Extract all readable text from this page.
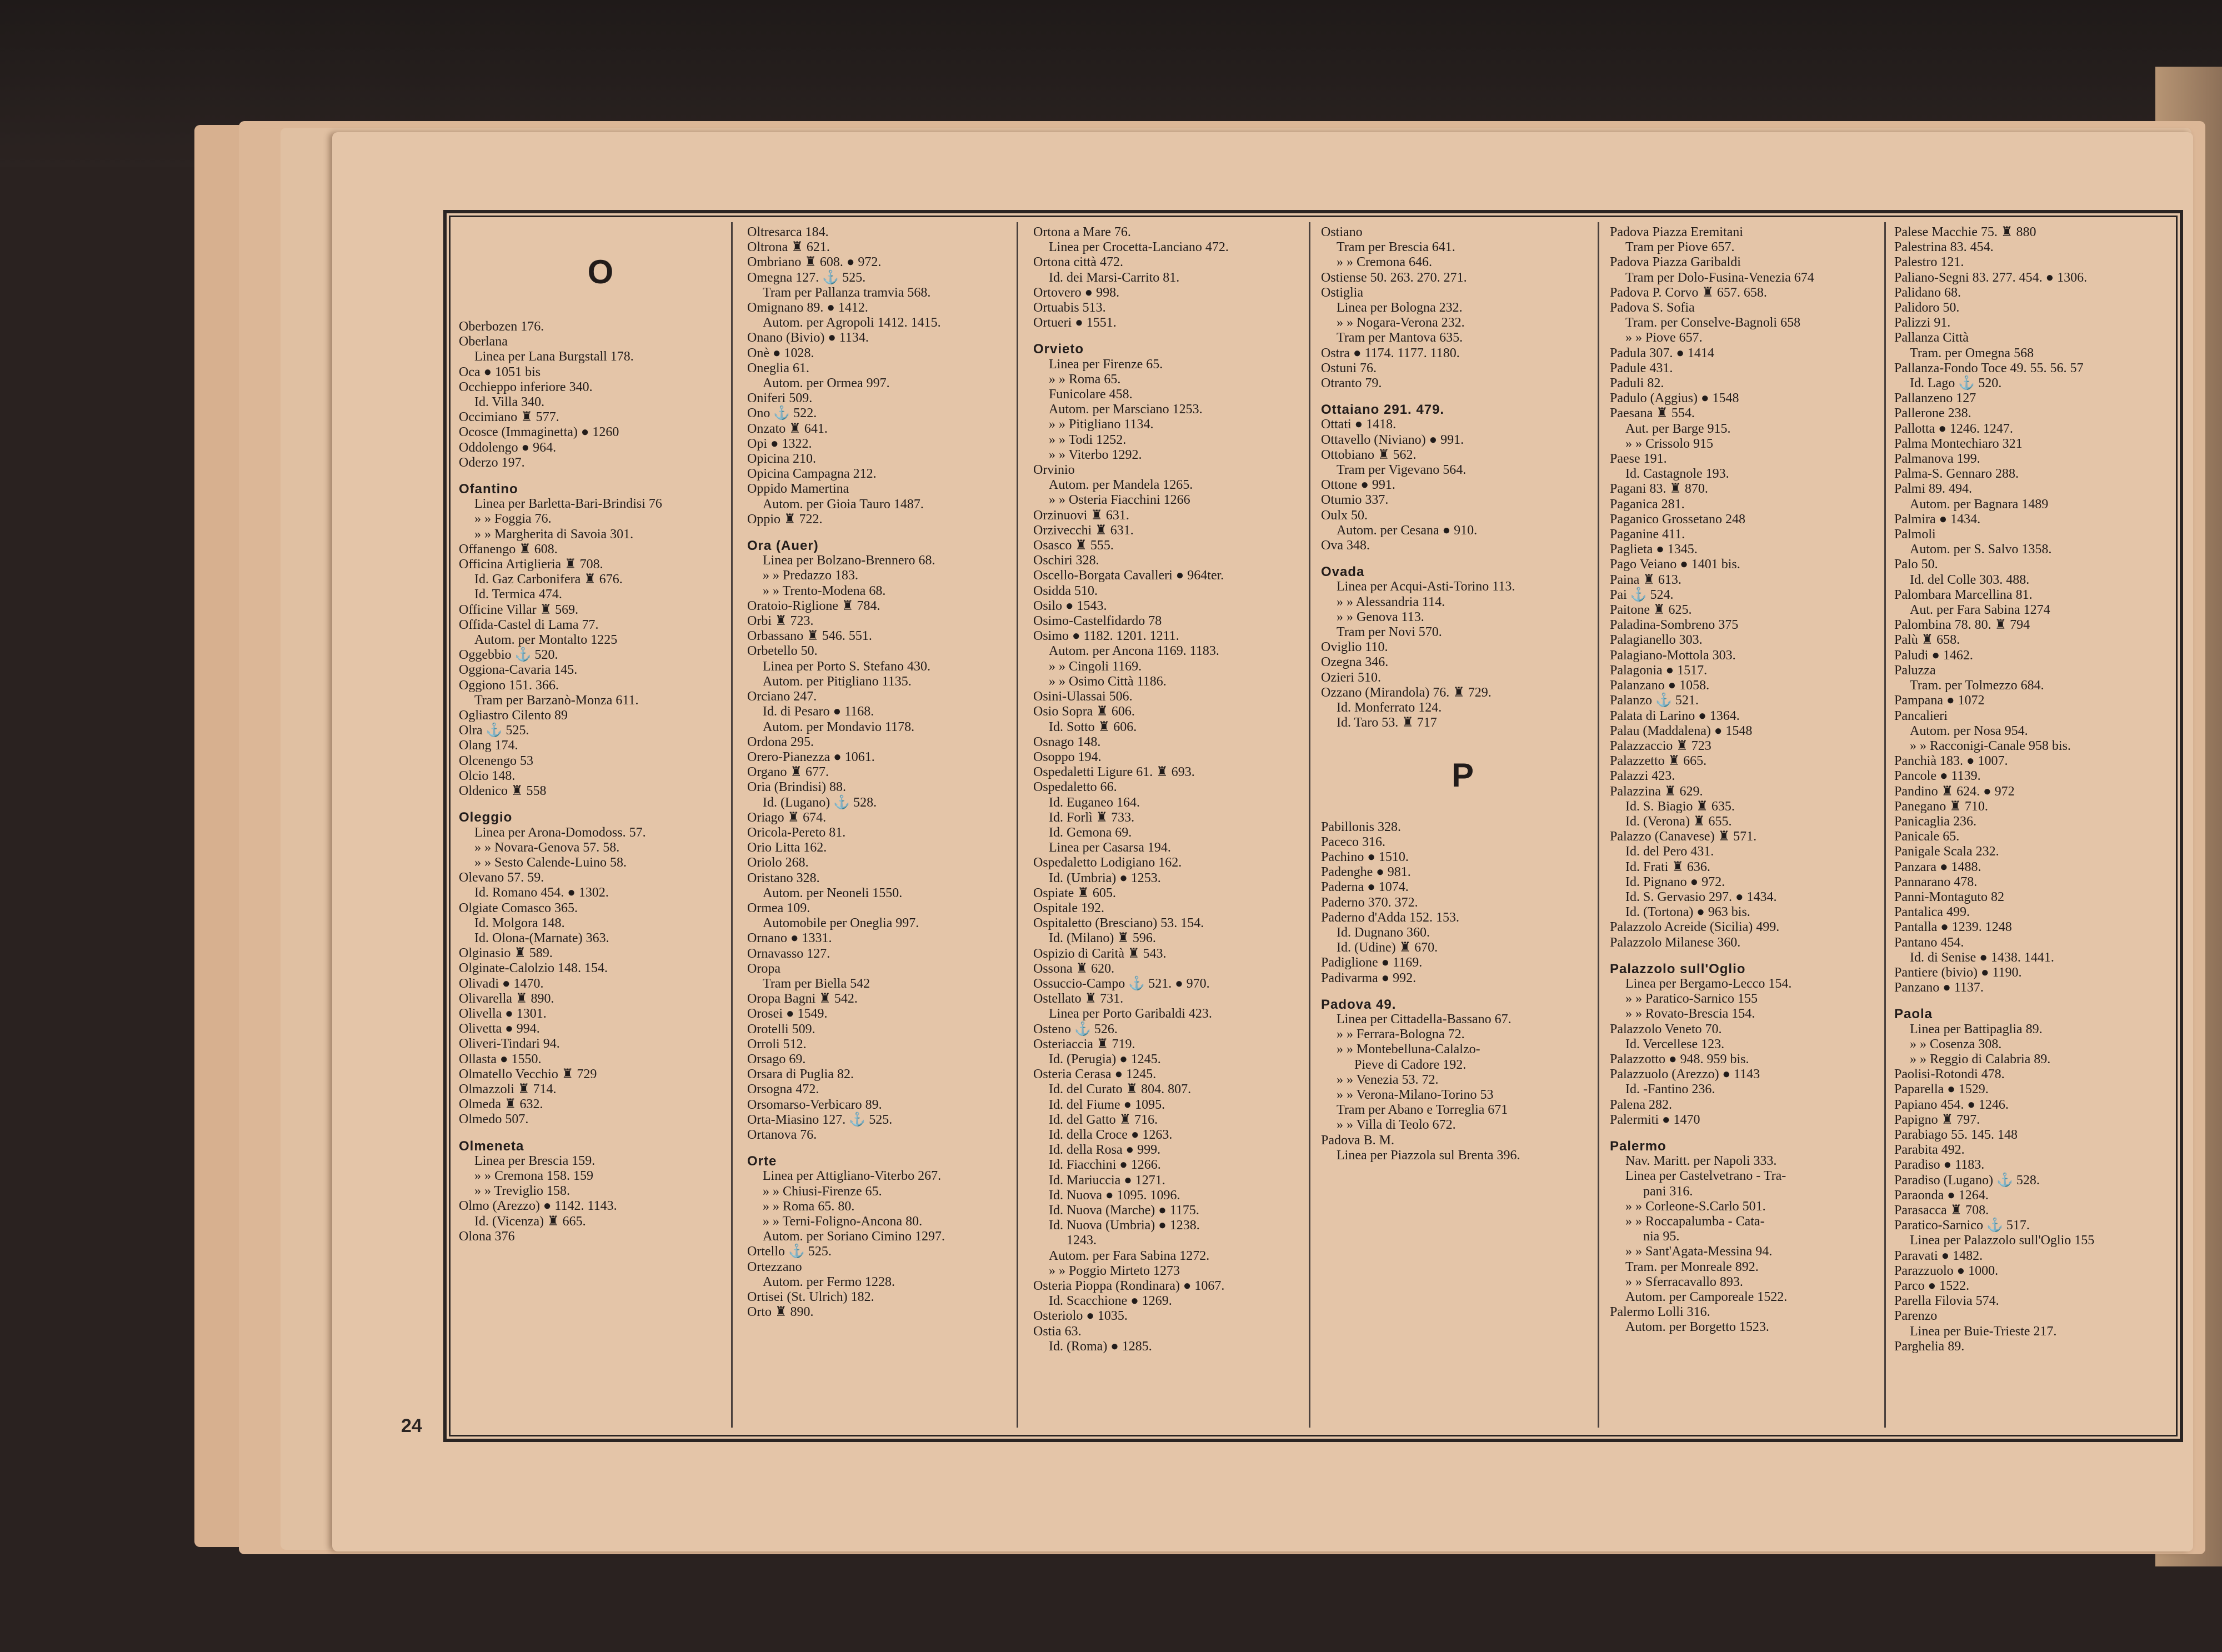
O
Oberbozen 176.
Oberlana
Linea per Lana Burgstall 178.
Oca ● 1051 bis
Occhieppo inferiore 340.
Id. Villa 340.
Occimiano ♜ 577.
Ocosce (Immaginetta) ● 1260
Oddolengo ● 964.
Oderzo 197.
Ofantino
Linea per Barletta-Bari-Brindisi 76
» » Foggia 76.
» » Margherita di Savoia 301.
Offanengo ♜ 608.
Officina Artiglieria ♜ 708.
Id. Gaz Carbonifera ♜ 676.
Id. Termica 474.
Officine Villar ♜ 569.
Offida-Castel di Lama 77.
Autom. per Montalto 1225
Oggebbio ⚓ 520.
Oggiona-Cavaria 145.
Oggiono 151. 366.
Tram per Barzanò-Monza 611.
Ogliastro Cilento 89
Olra ⚓ 525.
Olang 174.
Olcenengo 53
Olcio 148.
Oldenico ♜ 558
Oleggio
Linea per Arona-Domodoss. 57.
» » Novara-Genova 57. 58.
» » Sesto Calende-Luino 58.
Olevano 57. 59.
Id. Romano 454. ● 1302.
Olgiate Comasco 365.
Id. Molgora 148.
Id. Olona-(Marnate) 363.
Olginasio ♜ 589.
Olginate-Calolzio 148. 154.
Olivadi ● 1470.
Olivarella ♜ 890.
Olivella ● 1301.
Olivetta ● 994.
Oliveri-Tindari 94.
Ollasta ● 1550.
Olmatello Vecchio ♜ 729
Olmazzoli ♜ 714.
Olmeda ♜ 632.
Olmedo 507.
Olmeneta
Linea per Brescia 159.
» » Cremona 158. 159
» » Treviglio 158.
Olmo (Arezzo) ● 1142. 1143.
Id. (Vicenza) ♜ 665.
Olona 376
Oltresarca 184.
Oltrona ♜ 621.
Ombriano ♜ 608. ● 972.
Omegna 127. ⚓ 525.
Tram per Pallanza tramvia 568.
Omignano 89. ● 1412.
Autom. per Agropoli 1412. 1415.
Onano (Bivio) ● 1134.
Onè ● 1028.
Oneglia 61.
Autom. per Ormea 997.
Oniferi 509.
Ono ⚓ 522.
Onzato ♜ 641.
Opi ● 1322.
Opicina 210.
Opicina Campagna 212.
Oppido Mamertina
Autom. per Gioia Tauro 1487.
Oppio ♜ 722.
Ora (Auer)
Linea per Bolzano-Brennero 68.
» » Predazzo 183.
» » Trento-Modena 68.
Oratoio-Riglione ♜ 784.
Orbi ♜ 723.
Orbassano ♜ 546. 551.
Orbetello 50.
Linea per Porto S. Stefano 430.
Autom. per Pitigliano 1135.
Orciano 247.
Id. di Pesaro ● 1168.
Autom. per Mondavio 1178.
Ordona 295.
Orero-Pianezza ● 1061.
Organo ♜ 677.
Oria (Brindisi) 88.
Id. (Lugano) ⚓ 528.
Oriago ♜ 674.
Oricola-Pereto 81.
Orio Litta 162.
Oriolo 268.
Oristano 328.
Autom. per Neoneli 1550.
Ormea 109.
Automobile per Oneglia 997.
Ornano ● 1331.
Ornavasso 127.
Oropa
Tram per Biella 542
Oropa Bagni ♜ 542.
Orosei ● 1549.
Orotelli 509.
Orroli 512.
Orsago 69.
Orsara di Puglia 82.
Orsogna 472.
Orsomarso-Verbicaro 89.
Orta-Miasino 127. ⚓ 525.
Ortanova 76.
Orte
Linea per Attigliano-Viterbo 267.
» » Chiusi-Firenze 65.
» » Roma 65. 80.
» » Terni-Foligno-Ancona 80.
Autom. per Soriano Cimino 1297.
Ortello ⚓ 525.
Ortezzano
Autom. per Fermo 1228.
Ortisei (St. Ulrich) 182.
Orto ♜ 890.
Ortona a Mare 76.
Linea per Crocetta-Lanciano 472.
Ortona città 472.
Id. dei Marsi-Carrito 81.
Ortovero ● 998.
Ortuabis 513.
Ortueri ● 1551.
Orvieto
Linea per Firenze 65.
» » Roma 65.
Funicolare 458.
Autom. per Marsciano 1253.
» » Pitigliano 1134.
» » Todi 1252.
» » Viterbo 1292.
Orvinio
Autom. per Mandela 1265.
» » Osteria Fiacchini 1266
Orzinuovi ♜ 631.
Orzivecchi ♜ 631.
Osasco ♜ 555.
Oschiri 328.
Oscello-Borgata Cavalleri ● 964ter.
Osidda 510.
Osilo ● 1543.
Osimo-Castelfidardo 78
Osimo ● 1182. 1201. 1211.
Autom. per Ancona 1169. 1183.
» » Cingoli 1169.
» » Osimo Città 1186.
Osini-Ulassai 506.
Osio Sopra ♜ 606.
Id. Sotto ♜ 606.
Osnago 148.
Osoppo 194.
Ospedaletti Ligure 61. ♜ 693.
Ospedaletto 66.
Id. Euganeo 164.
Id. Forlì ♜ 733.
Id. Gemona 69.
Linea per Casarsa 194.
Ospedaletto Lodigiano 162.
Id. (Umbria) ● 1253.
Ospiate ♜ 605.
Ospitale 192.
Ospitaletto (Bresciano) 53. 154.
Id. (Milano) ♜ 596.
Ospizio di Carità ♜ 543.
Ossona ♜ 620.
Ossuccio-Campo ⚓ 521. ● 970.
Ostellato ♜ 731.
Linea per Porto Garibaldi 423.
Osteno ⚓ 526.
Osteriaccia ♜ 719.
Id. (Perugia) ● 1245.
Osteria Cerasa ● 1245.
Id. del Curato ♜ 804. 807.
Id. del Fiume ● 1095.
Id. del Gatto ♜ 716.
Id. della Croce ● 1263.
Id. della Rosa ● 999.
Id. Fiacchini ● 1266.
Id. Mariuccia ● 1271.
Id. Nuova ● 1095. 1096.
Id. Nuova (Marche) ● 1175.
Id. Nuova (Umbria) ● 1238.
1243.
Autom. per Fara Sabina 1272.
» » Poggio Mirteto 1273
Osteria Pioppa (Rondinara) ● 1067.
Id. Scacchione ● 1269.
Osteriolo ● 1035.
Ostia 63.
Id. (Roma) ● 1285.
Ostiano
Tram per Brescia 641.
» » Cremona 646.
Ostiense 50. 263. 270. 271.
Ostiglia
Linea per Bologna 232.
» » Nogara-Verona 232.
Tram per Mantova 635.
Ostra ● 1174. 1177. 1180.
Ostuni 76.
Otranto 79.
Ottaiano 291. 479.
Ottati ● 1418.
Ottavello (Niviano) ● 991.
Ottobiano ♜ 562.
Tram per Vigevano 564.
Ottone ● 991.
Otumio 337.
Oulx 50.
Autom. per Cesana ● 910.
Ova 348.
Ovada
Linea per Acqui-Asti-Torino 113.
» » Alessandria 114.
» » Genova 113.
Tram per Novi 570.
Oviglio 110.
Ozegna 346.
Ozieri 510.
Ozzano (Mirandola) 76. ♜ 729.
Id. Monferrato 124.
Id. Taro 53. ♜ 717
P
Pabillonis 328.
Paceco 316.
Pachino ● 1510.
Padenghe ● 981.
Paderna ● 1074.
Paderno 370. 372.
Paderno d'Adda 152. 153.
Id. Dugnano 360.
Id. (Udine) ♜ 670.
Padiglione ● 1169.
Padivarma ● 992.
Padova 49.
Linea per Cittadella-Bassano 67.
» » Ferrara-Bologna 72.
» » Montebelluna-Calalzo-
Pieve di Cadore 192.
» » Venezia 53. 72.
» » Verona-Milano-Torino 53
Tram per Abano e Torreglia 671
» » Villa di Teolo 672.
Padova B. M.
Linea per Piazzola sul Brenta 396.
Padova Piazza Eremitani
Tram per Piove 657.
Padova Piazza Garibaldi
Tram per Dolo-Fusina-Venezia 674
Padova P. Corvo ♜ 657. 658.
Padova S. Sofia
Tram. per Conselve-Bagnoli 658
» » Piove 657.
Padula 307. ● 1414
Padule 431.
Paduli 82.
Padulo (Aggius) ● 1548
Paesana ♜ 554.
Aut. per Barge 915.
» » Crissolo 915
Paese 191.
Id. Castagnole 193.
Pagani 83. ♜ 870.
Paganica 281.
Paganico Grossetano 248
Paganine 411.
Paglieta ● 1345.
Pago Veiano ● 1401 bis.
Paina ♜ 613.
Pai ⚓ 524.
Paitone ♜ 625.
Paladina-Sombreno 375
Palagianello 303.
Palagiano-Mottola 303.
Palagonia ● 1517.
Palanzano ● 1058.
Palanzo ⚓ 521.
Palata di Larino ● 1364.
Palau (Maddalena) ● 1548
Palazzaccio ♜ 723
Palazzetto ♜ 665.
Palazzi 423.
Palazzina ♜ 629.
Id. S. Biagio ♜ 635.
Id. (Verona) ♜ 655.
Palazzo (Canavese) ♜ 571.
Id. del Pero 431.
Id. Frati ♜ 636.
Id. Pignano ● 972.
Id. S. Gervasio 297. ● 1434.
Id. (Tortona) ● 963 bis.
Palazzolo Acreide (Sicilia) 499.
Palazzolo Milanese 360.
Palazzolo sull'Oglio
Linea per Bergamo-Lecco 154.
» » Paratico-Sarnico 155
» » Rovato-Brescia 154.
Palazzolo Veneto 70.
Id. Vercellese 123.
Palazzotto ● 948. 959 bis.
Palazzuolo (Arezzo) ● 1143
Id. -Fantino 236.
Palena 282.
Palermiti ● 1470
Palermo
Nav. Maritt. per Napoli 333.
Linea per Castelvetrano - Tra-
pani 316.
» » Corleone-S.Carlo 501.
» » Roccapalumba - Cata-
nia 95.
» » Sant'Agata-Messina 94.
Tram. per Monreale 892.
» » Sferracavallo 893.
Autom. per Camporeale 1522.
Palermo Lolli 316.
Autom. per Borgetto 1523.
Palese Macchie 75. ♜ 880
Palestrina 83. 454.
Palestro 121.
Paliano-Segni 83. 277. 454. ● 1306.
Palidano 68.
Palidoro 50.
Palizzi 91.
Pallanza Città
Tram. per Omegna 568
Pallanza-Fondo Toce 49. 55. 56. 57
Id. Lago ⚓ 520.
Pallanzeno 127
Pallerone 238.
Pallotta ● 1246. 1247.
Palma Montechiaro 321
Palmanova 199.
Palma-S. Gennaro 288.
Palmi 89. 494.
Autom. per Bagnara 1489
Palmira ● 1434.
Palmoli
Autom. per S. Salvo 1358.
Palo 50.
Id. del Colle 303. 488.
Palombara Marcellina 81.
Aut. per Fara Sabina 1274
Palombina 78. 80. ♜ 794
Palù ♜ 658.
Paludi ● 1462.
Paluzza
Tram. per Tolmezzo 684.
Pampana ● 1072
Pancalieri
Autom. per Nosa 954.
» » Racconigi-Canale 958 bis.
Panchià 183. ● 1007.
Pancole ● 1139.
Pandino ♜ 624. ● 972
Panegano ♜ 710.
Panicaglia 236.
Panicale 65.
Panigale Scala 232.
Panzara ● 1488.
Pannarano 478.
Panni-Montaguto 82
Pantalica 499.
Pantalla ● 1239. 1248
Pantano 454.
Id. di Senise ● 1438. 1441.
Pantiere (bivio) ● 1190.
Panzano ● 1137.
Paola
Linea per Battipaglia 89.
» » Cosenza 308.
» » Reggio di Calabria 89.
Paolisi-Rotondi 478.
Paparella ● 1529.
Papiano 454. ● 1246.
Papigno ♜ 797.
Parabiago 55. 145. 148
Parabita 492.
Paradiso ● 1183.
Paradiso (Lugano) ⚓ 528.
Paraonda ● 1264.
Parasacca ♜ 708.
Paratico-Sarnico ⚓ 517.
Linea per Palazzolo sull'Oglio 155
Paravati ● 1482.
Parazzuolo ● 1000.
Parco ● 1522.
Parella Filovia 574.
Parenzo
Linea per Buie-Trieste 217.
Parghelia 89.
24
